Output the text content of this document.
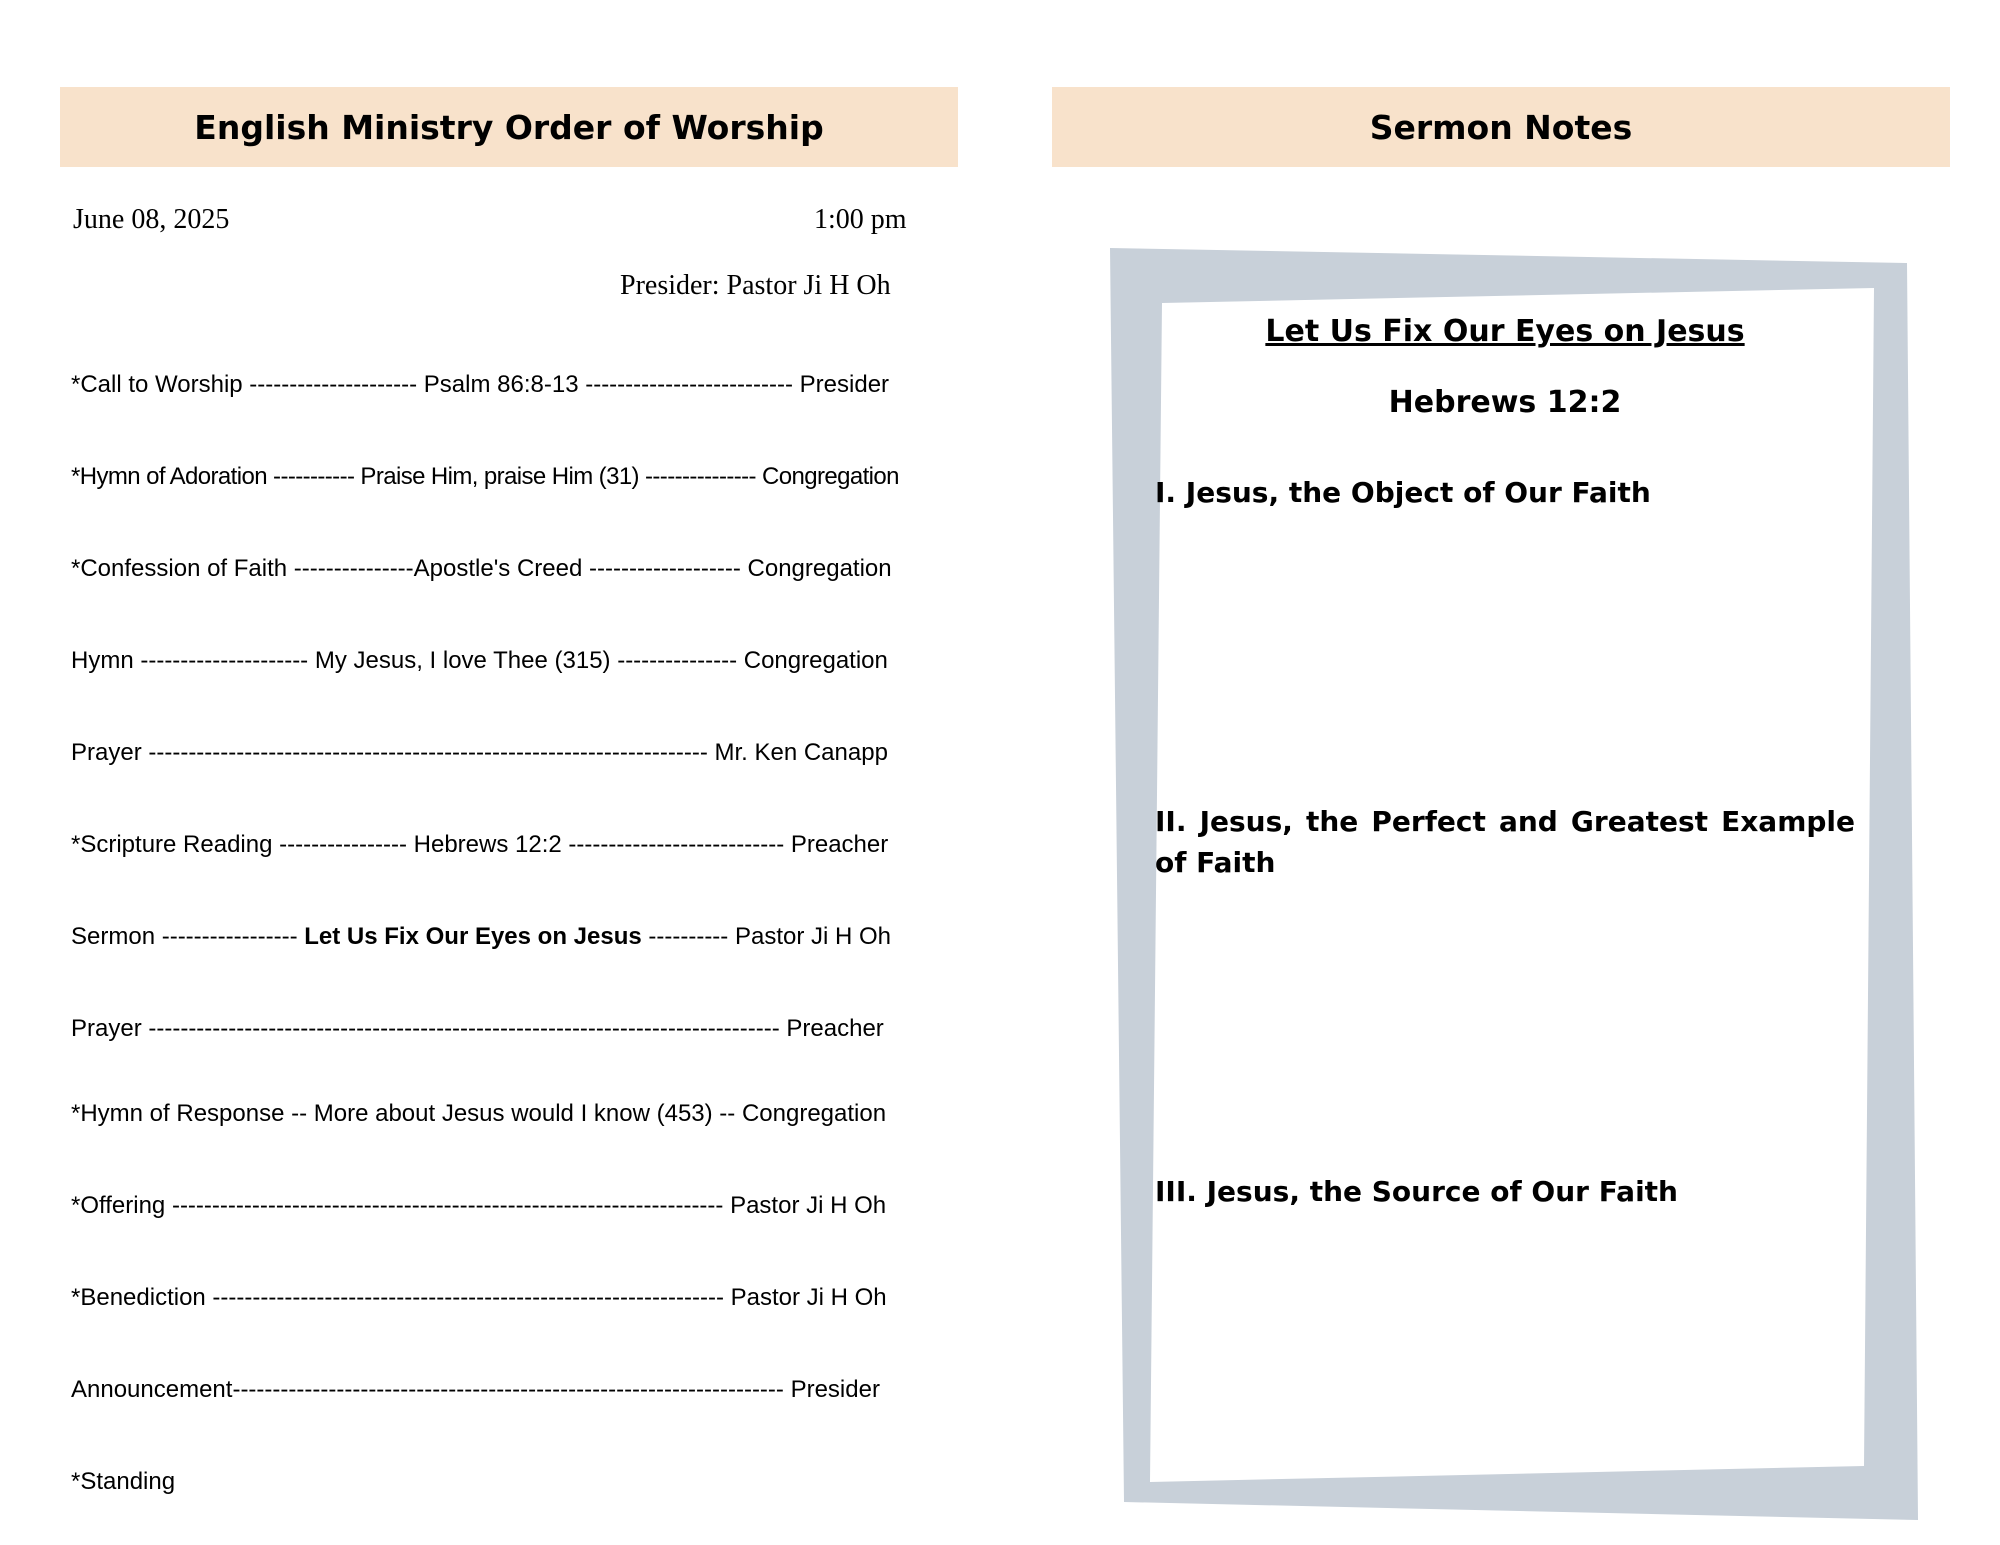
English Ministry Order of Worship
June 08, 2025	1:00 pm
Presider: Pastor Ji H Oh
*Call to Worship --------------------- Psalm 86:8-13 -------------------------- Presider
*Hymn of Adoration ----------- Praise Him, praise Him (31) --------------- Congregation
*Confession of Faith ---------------Apostle's Creed ------------------- Congregation
Hymn --------------------- My Jesus, I love Thee (315) --------------- Congregation
Prayer ---------------------------------------------------------------------- Mr. Ken Canapp
*Scripture Reading ---------------- Hebrews 12:2 --------------------------- Preacher
Sermon ----------------- Let Us Fix Our Eyes on Jesus ---------- Pastor Ji H Oh
Prayer ------------------------------------------------------------------------------- Preacher
*Hymn of Response -- More about Jesus would I know (453) -- Congregation
*Offering --------------------------------------------------------------------- Pastor Ji H Oh
*Benediction ---------------------------------------------------------------- Pastor Ji H Oh
Announcement--------------------------------------------------------------------- Presider
*Standing
Sermon Notes
Let Us Fix Our Eyes on Jesus
Hebrews 12:2
I. Jesus, the Object of Our Faith
II. Jesus, the Perfect and Greatest Example of Faith
III. Jesus, the Source of Our Faith
